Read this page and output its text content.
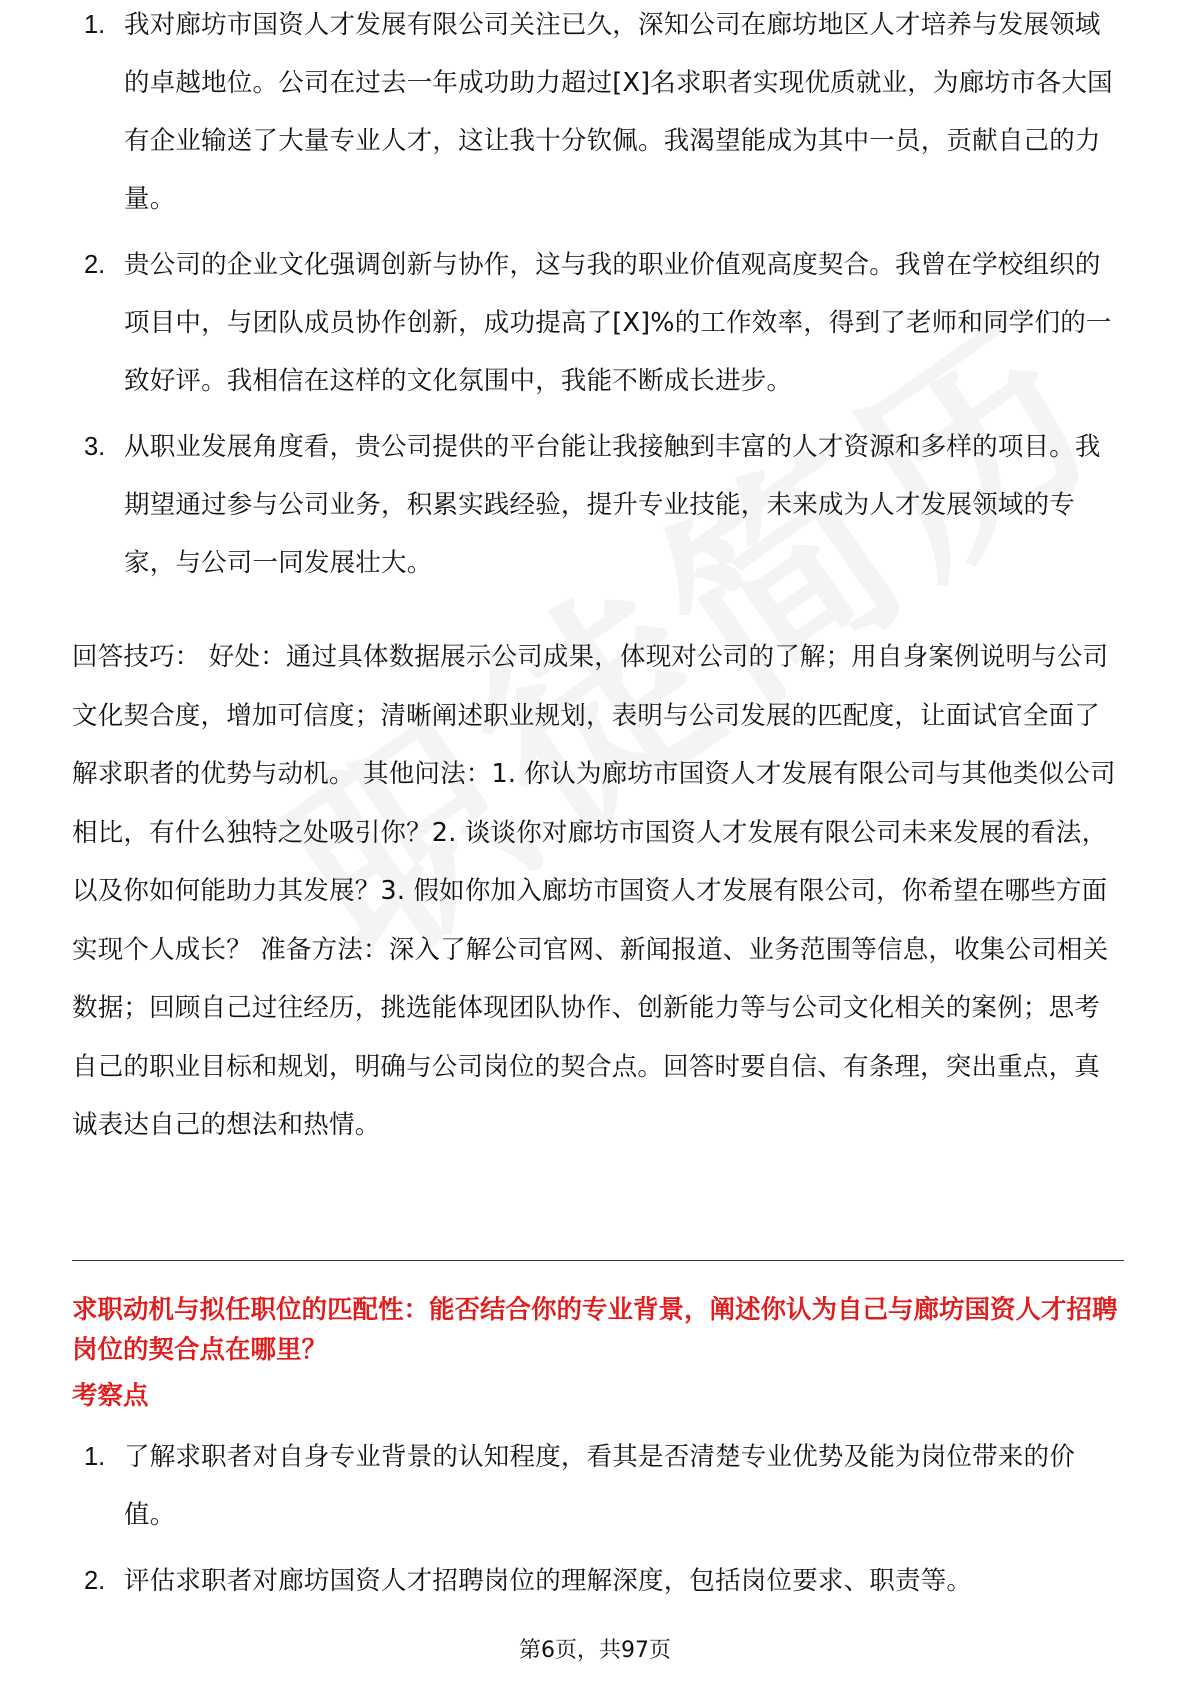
1. 我对廊坊市国资人才发展有限公司关注已久，深知公司在廊坊地区人才培养与发展领域的卓越地位。公司在过去一年成功助力超过[X]名求职者实现优质就业，为廊坊市各大国有企业输送了大量专业人才，这让我十分钦佩。我渴望能成为其中一员，贡献自己的力量。
2. 贵公司的企业文化强调创新与协作，这与我的职业价值观高度契合。我曾在学校组织的项目中，与团队成员协作创新，成功提高了[X]%的工作效率，得到了老师和同学们的一致好评。我相信在这样的文化氛围中，我能不断成长进步。
3. 从职业发展角度看，贵公司提供的平台能让我接触到丰富的人才资源和多样的项目。我期望通过参与公司业务，积累实践经验，提升专业技能，未来成为人才发展领域的专家，与公司一同发展壮大。

回答技巧： 好处：通过具体数据展示公司成果，体现对公司的了解；用自身案例说明与公司文化契合度，增加可信度；清晰阐述职业规划，表明与公司发展的匹配度，让面试官全面了解求职者的优势与动机。 其他问法：1. 你认为廊坊市国资人才发展有限公司与其他类似公司相比，有什么独特之处吸引你？2. 谈谈你对廊坊市国资人才发展有限公司未来发展的看法，以及你如何能助力其发展？3. 假如你加入廊坊市国资人才发展有限公司，你希望在哪些方面实现个人成长？ 准备方法：深入了解公司官网、新闻报道、业务范围等信息，收集公司相关数据；回顾自己过往经历，挑选能体现团队协作、创新能力等与公司文化相关的案例；思考自己的职业目标和规划，明确与公司岗位的契合点。回答时要自信、有条理，突出重点，真诚表达自己的想法和热情。

求职动机与拟任职位的匹配性：能否结合你的专业背景，阐述你认为自己与廊坊国资人才招聘岗位的契合点在哪里？

考察点

1. 了解求职者对自身专业背景的认知程度，看其是否清楚专业优势及能为岗位带来的价值。
2. 评估求职者对廊坊国资人才招聘岗位的理解深度，包括岗位要求、职责等。
第6页，共97页
